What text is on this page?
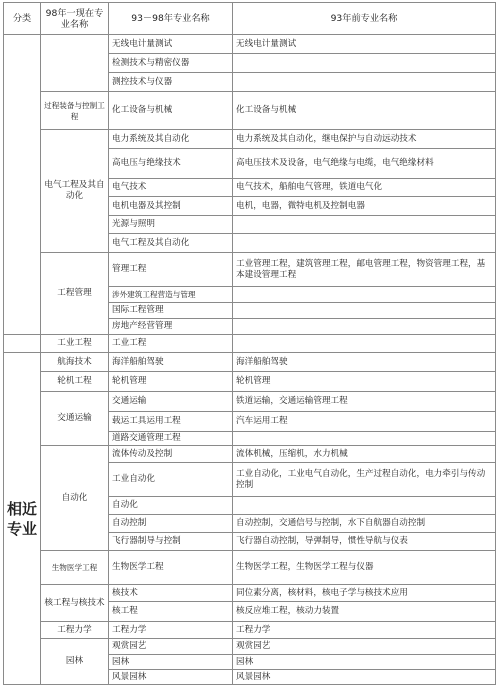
分类	98年一现在专业名称	93－98年专业名称	93年前专业名称
		无线电计量测试	无线电计量测试
		检测技术与精密仪器	
		测控技术与仪器	
	过程装备与控制工程	化工设备与机械	化工设备与机械
	电气工程及其自动化	电力系统及其自动化	电力系统及其自动化，继电保护与自动远动技术
		高电压与绝缘技术	高电压技术及设备，电气绝缘与电缆，电气绝缘材料
		电气技术	电气技术，船舶电气管理，铁道电气化
		电机电器及其控制	电机，电器，微特电机及控制电器
		光源与照明	
		电气工程及其自动化	
	工程管理	管理工程	工业管理工程，建筑管理工程，邮电管理工程，物资管理工程，基本建设管理工程
		涉外建筑工程营造与管理	
		国际工程管理	
		房地产经营管理	
	工业工程	工业工程	
相近专业	航海技术	海洋船舶驾驶	海洋船舶驾驶
	轮机工程	轮机管理	轮机管理
	交通运输	交通运输	铁道运输，交通运输管理工程
		载运工具运用工程	汽车运用工程
		道路交通管理工程	
	自动化	流体传动及控制	流体机械，压缩机，水力机械
		工业自动化	工业自动化，工业电气自动化，生产过程自动化，电力牵引与传动控制
		自动化	
		自动控制	自动控制，交通信号与控制，水下自航器自动控制
		飞行器制导与控制	飞行器自动控制，导弹制导，惯性导航与仪表
	生物医学工程	生物医学工程	生物医学工程，生物医学工程与仪器
	核工程与核技术	核技术	同位素分离，核材料，核电子学与核技术应用
		核工程	核反应堆工程，核动力装置
	工程力学	工程力学	工程力学
	园林	观赏园艺	观赏园艺
		园林	园林
		风景园林	风景园林
